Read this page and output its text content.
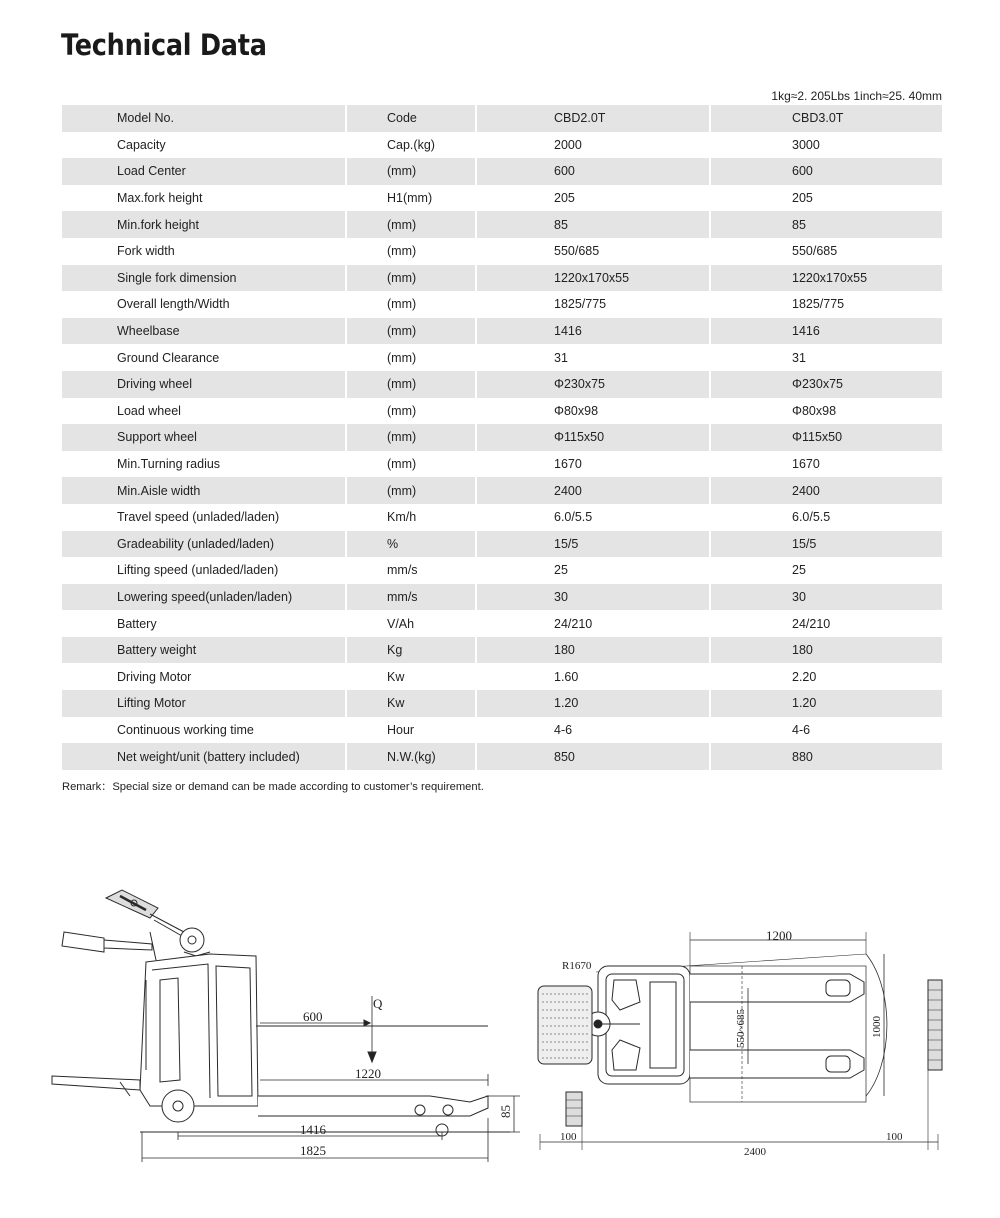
Technical Data
1kg≈2. 205Lbs 1inch≈25. 40mm
Model No.	Code	CBD2.0T	CBD3.0T
Capacity	Cap.(kg)	2000	3000
Load Center	(mm)	600	600
Max.fork height	H1(mm)	205	205
Min.fork height	(mm)	85	85
Fork width	(mm)	550/685	550/685
Single fork dimension	(mm)	1220x170x55	1220x170x55
Overall length/Width	(mm)	1825/775	1825/775
Wheelbase	(mm)	1416	1416
Ground Clearance	(mm)	31	31
Driving wheel	(mm)	Φ230x75	Φ230x75
Load wheel	(mm)	Φ80x98	Φ80x98
Support wheel	(mm)	Φ115x50	Φ115x50
Min.Turning radius	(mm)	1670	1670
Min.Aisle width	(mm)	2400	2400
Travel speed (unladed/laden)	Km/h	6.0/5.5	6.0/5.5
Gradeability (unladed/laden)	%	15/5	15/5
Lifting speed (unladed/laden)	mm/s	25	25
Lowering speed(unladen/laden)	mm/s	30	30
Battery	V/Ah	24/210	24/210
Battery weight	Kg	180	180
Driving Motor	Kw	1.60	2.20
Lifting Motor	Kw	1.20	1.20
Continuous working time	Hour	4-6	4-6
Net weight/unit (battery included)	N.W.(kg)	850	880
Remark：Special size or demand can be made according to customer’s requirement.
600
Q
1220
1416
1825
85
R1670
1200
550~685	1000
100
2400
100
